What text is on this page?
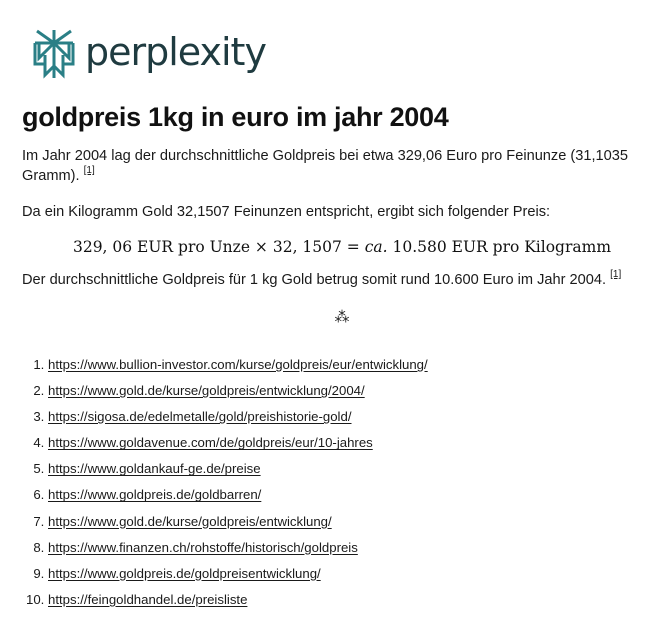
perplexity
goldpreis 1kg in euro im jahr 2004

Im Jahr 2004 lag der durchschnittliche Goldpreis bei etwa 329,06 Euro pro Feinunze (31,1035 Gramm). [1]

Da ein Kilogramm Gold 32,1507 Feinunzen entspricht, ergibt sich folgender Preis:

329, 06 EUR pro Unze × 32, 1507 = ca. 10.580 EUR pro Kilogramm

Der durchschnittliche Goldpreis für 1 kg Gold betrug somit rund 10.600 Euro im Jahr 2004. [1]

⁂
1. https://www.bullion-investor.com/kurse/goldpreis/eur/entwicklung/
2. https://www.gold.de/kurse/goldpreis/entwicklung/2004/
3. https://sigosa.de/edelmetalle/gold/preishistorie-gold/
4. https://www.goldavenue.com/de/goldpreis/eur/10-jahres
5. https://www.goldankauf-ge.de/preise
6. https://www.goldpreis.de/goldbarren/
7. https://www.gold.de/kurse/goldpreis/entwicklung/
8. https://www.finanzen.ch/rohstoffe/historisch/goldpreis
9. https://www.goldpreis.de/goldpreisentwicklung/
10. https://feingoldhandel.de/preisliste
